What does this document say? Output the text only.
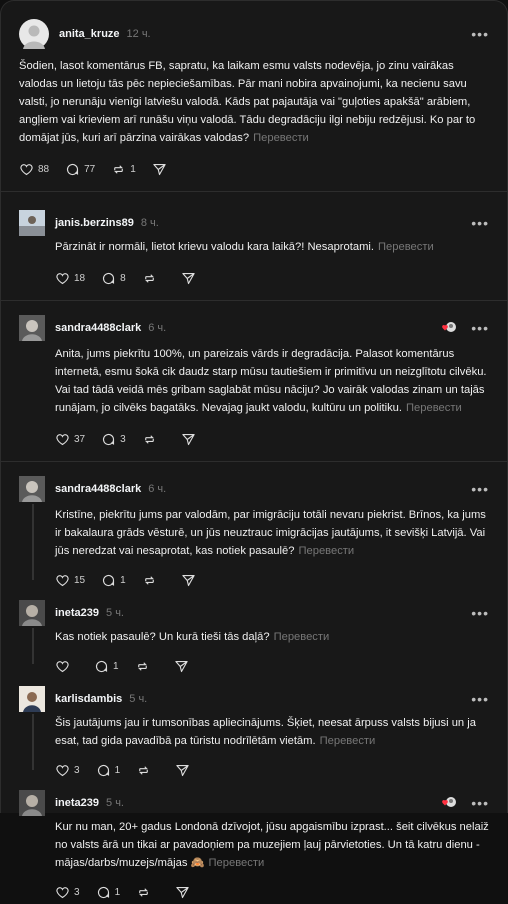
anita_kruze 12 ч.	•••
Šodien, lasot komentārus FB, sapratu, ka laikam esmu valsts nodevēja, jo zinu vairākas valodas un lietoju tās pēc nepieciešamības. Pār mani nobira apvainojumi, ka necienu savu valsti, jo nerunāju vienīgi latviešu valodā. Kāds pat pajautāja vai "guļoties apakšā" arābiem, angļiem vai krieviem arī runāšu viņu valodā. Tādu degradāciju ilgi nebiju redzējusi. Ko par to domājat jūs, kuri arī pārzina vairākas valodas? Перевести
88	77	1
janis.berzins89 8 ч.	•••
Pārzināt ir normāli, lietot krievu valodu kara laikā?! Nesaprotami. Перевести
18	8
sandra4488clark 6 ч.	•••
Anita, jums piekrītu 100%, un pareizais vārds ir degradācija. Palasot komentārus internetā, esmu šokā cik daudz starp mūsu tautiešiem ir primitīvu un neizglītotu cilvēku. Vai tad tādā veidā mēs gribam saglabāt mūsu nāciju? Jo vairāk valodas zinam un tajās runājam, jo cilvēks bagatāks. Nevajag jaukt valodu, kultūru un politiku. Перевести
37	3
sandra4488clark 6 ч.	•••
Kristīne, piekrītu jums par valodām, par imigrāciju totāli nevaru piekrist. Brīnos, ka jums ir bakalaura grāds vēsturē, un jūs neuztrauc imigrācijas jautājums, it sevišķi Latvijā. Vai jūs neredzat vai nesaprotat, kas notiek pasaulē? Перевести
15	1
ineta239 5 ч.	•••
Kas notiek pasaulē? Un kurā tieši tās daļā? Перевести
1
karlisdambis 5 ч.	•••
Šis jautājums jau ir tumsonības apliecinājums. Šķiet, neesat ārpuss valsts bijusi un ja esat, tad gida pavadībā pa tūristu nodrīlētām vietām. Перевести
3	1
ineta239 5 ч.	•••
Kur nu man, 20+ gadus Londonā dzīvojot, jūsu apgaismību izprast... šeit cilvēkus nelaiž no valsts ārā un tikai ar pavadoņiem pa muzejiem ļauj pārvietoties. Un tā katru dienu - mājas/darbs/muzejs/mājas 🙈 Перевести
3	1
